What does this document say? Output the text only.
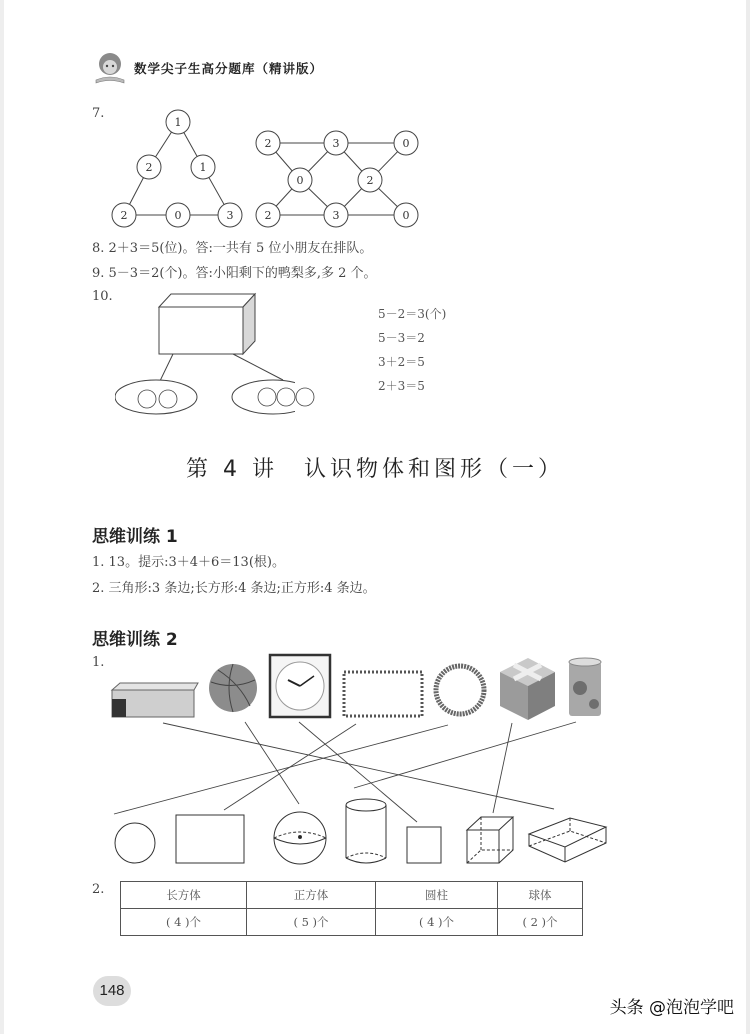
数学尖子生高分题库（精讲版）
7.
1
2	1
2	0	3
2	3	0
0	2
2	3	0
8. 2＋3＝5(位)。答:一共有 5 位小朋友在排队。
9. 5－3＝2(个)。答:小阳剩下的鸭梨多,多 2 个。
10.
5－2＝3(个)
5－3＝2
3＋2＝5
2＋3＝5
第 4 讲　认识物体和图形（一）
思维训练 1
1. 13。提示:3＋4＋6＝13(根)。
2. 三角形:3 条边;长方形:4 条边;正方形:4 条边。
思维训练 2
1.
2.	长方体	正方体	圆柱	球体
( 4 )个	( 5 )个	( 4 )个	( 2 )个
148
头条 @泡泡学吧
